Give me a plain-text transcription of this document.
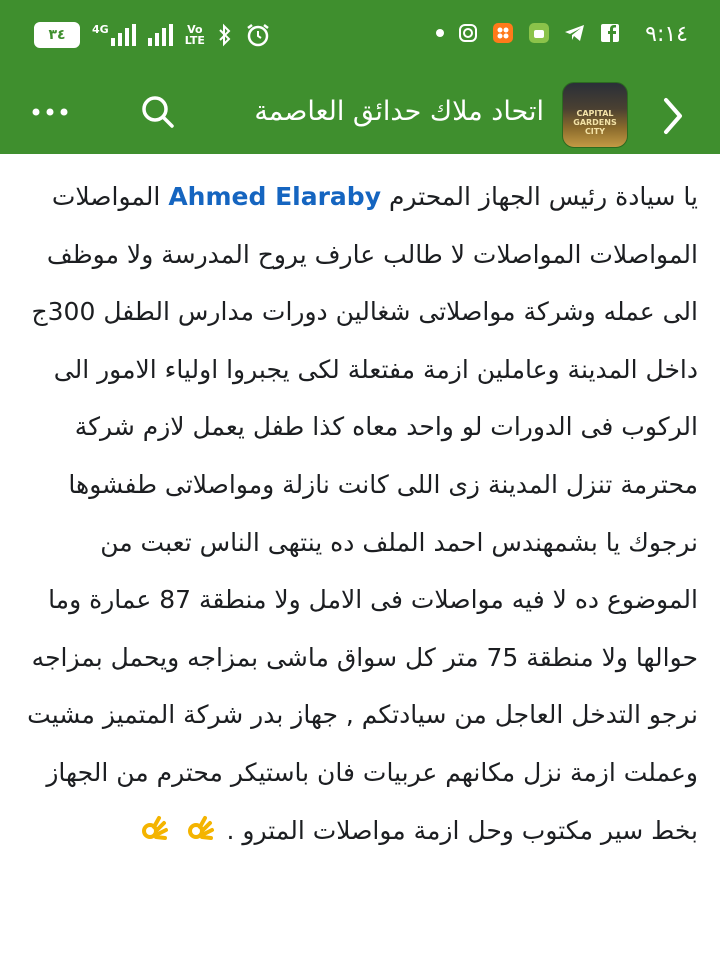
٣٤	4G	Vo
LTE	٩:١٤
CAPITAL GARDENS CITY
اتحاد ملاك حدائق العاصمة
يا سيادة رئيس الجهاز المحترم Ahmed Elaraby المواصلات المواصلات المواصلات لا طالب عارف يروح المدرسة ولا موظف الى عمله وشركة مواصلاتى شغالين دورات مدارس الطفل 300ج داخل المدينة وعاملين ازمة مفتعلة لكى يجبروا اولياء الامور الى الركوب فى الدورات لو واحد معاه كذا طفل يعمل لازم شركة محترمة تنزل المدينة زى اللى كانت نازلة ومواصلاتى طفشوها نرجوك يا بشمهندس احمد الملف ده ينتهى الناس تعبت من الموضوع ده لا فيه مواصلات فى الامل ولا منطقة 87 عمارة وما حوالها ولا منطقة 75 متر كل سواق ماشى بمزاجه ويحمل بمزاجه نرجو التدخل العاجل من سيادتكم , جهاز بدر شركة المتميز مشيت وعملت ازمة نزل مكانهم عربيات فان باستيكر محترم من الجهاز بخط سير مكتوب وحل ازمة مواصلات المترو .
